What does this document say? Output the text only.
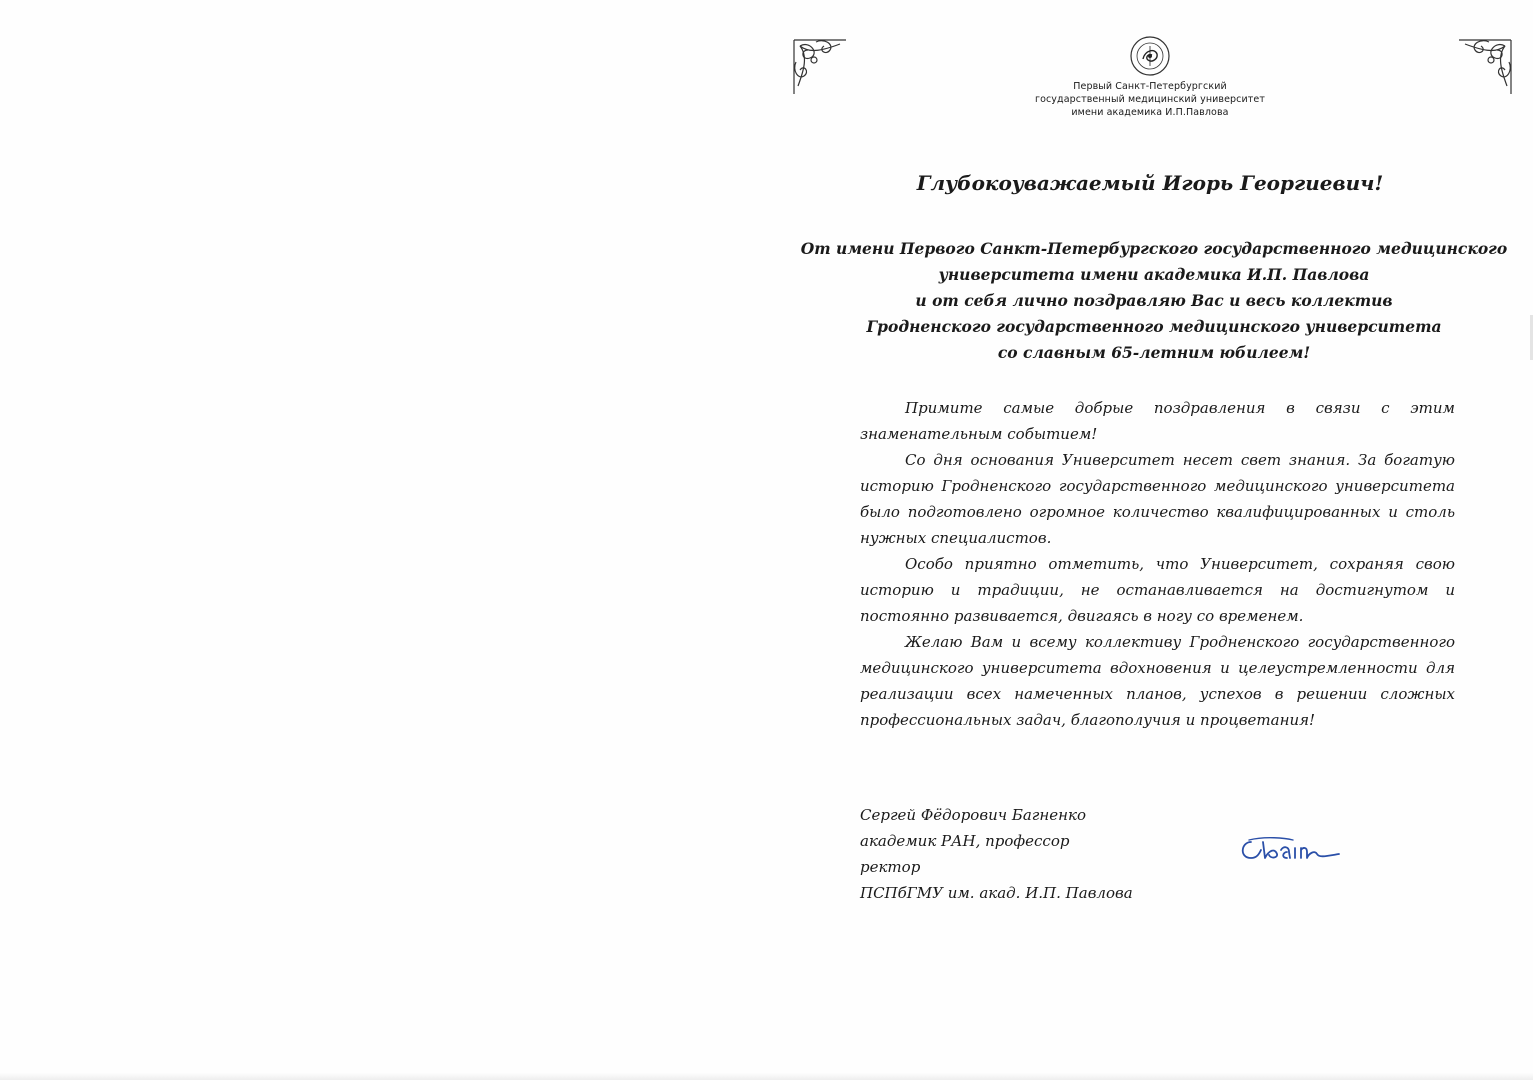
Первый Санкт-Петербургский
государственный медицинский университет
имени академика И.П.Павлова
Глубокоуважаемый Игорь Георгиевич!
От имени Первого Санкт-Петербургского государственного медицинского
университета имени академика И.П. Павлова
и от себя лично поздравляю Вас и весь коллектив
Гродненского государственного медицинского университета
со славным 65-летним юбилеем!

Примите самые добрые поздравления в связи с этим знаменательным событием!

Со дня основания Университет несет свет знания. За богатую историю Гродненского государственного медицинского университета было подготовлено огромное количество квалифицированных и столь нужных специалистов.

Особо приятно отметить, что Университет, сохраняя свою историю и традиции, не останавливается на достигнутом и постоянно развивается, двигаясь в ногу со временем.

Желаю Вам и всему коллективу Гродненского государственного медицинского университета вдохновения и целеустремленности для реализации всех намеченных планов, успехов в решении сложных профессиональных задач, благополучия и процветания!

Сергей Фёдорович Багненко
академик РАН, профессор
ректор
ПСПбГМУ им. акад. И.П. Павлова
